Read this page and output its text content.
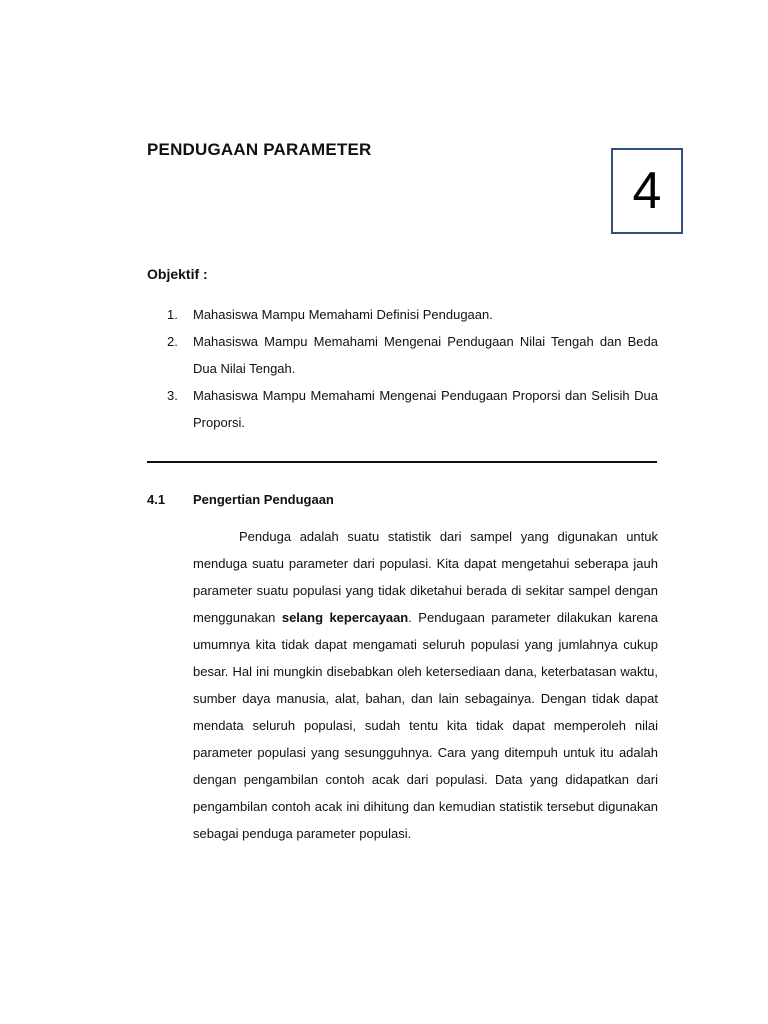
PENDUGAAN PARAMETER
4
Objektif :
1.	Mahasiswa Mampu Memahami Definisi Pendugaan.
2.	Mahasiswa Mampu Memahami Mengenai Pendugaan Nilai Tengah dan Beda Dua Nilai Tengah.
3.	Mahasiswa Mampu Memahami Mengenai Pendugaan Proporsi dan Selisih Dua Proporsi.
4.1 Pengertian Pendugaan

Penduga adalah suatu statistik dari sampel yang digunakan untuk menduga suatu parameter dari populasi. Kita dapat mengetahui seberapa jauh parameter suatu populasi yang tidak diketahui berada di sekitar sampel dengan menggunakan selang kepercayaan. Pendugaan parameter dilakukan karena umumnya kita tidak dapat mengamati seluruh populasi yang jumlahnya cukup besar. Hal ini mungkin disebabkan oleh ketersediaan dana, keterbatasan waktu, sumber daya manusia, alat, bahan, dan lain sebagainya. Dengan tidak dapat mendata seluruh populasi, sudah tentu kita tidak dapat memperoleh nilai parameter populasi yang sesungguhnya. Cara yang ditempuh untuk itu adalah dengan pengambilan contoh acak dari populasi. Data yang didapatkan dari pengambilan contoh acak ini dihitung dan kemudian statistik tersebut digunakan sebagai penduga parameter populasi.
